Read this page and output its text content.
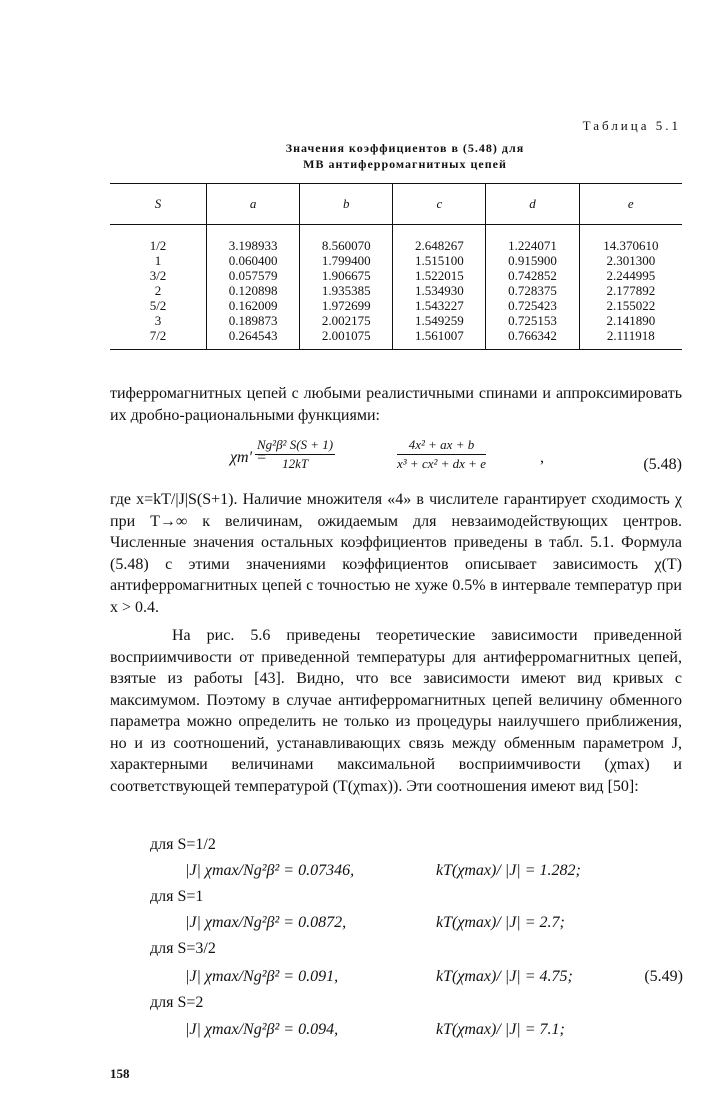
Таблица 5.1
Значения коэффициентов в (5.48) для
МВ антиферромагнитных цепей
S	a	b	c	d	e
1/2	3.198933	8.560070	2.648267	1.224071	14.370610
1	0.060400	1.799400	1.515100	0.915900	2.301300
3/2	0.057579	1.906675	1.522015	0.742852	2.244995
2	0.120898	1.935385	1.534930	0.728375	2.177892
5/2	0.162009	1.972699	1.543227	0.725423	2.155022
3	0.189873	2.002175	1.549259	0.725153	2.141890
7/2	0.264543	2.001075	1.561007	0.766342	2.111918

тиферромагнитных цепей с любыми реалистичными спинами и аппроксимировать их дробно-рациональными функциями:

χm′ =
$\frac{\text{Ng²β² S(S + 1)}}{12kT}$	$\frac{\text{4x² + ax + b}}{\text{x³ + cx² + dx + e}}$	,	(5.48)

где x=kT/|J|S(S+1). Наличие множителя «4» в числителе гарантирует сходимость χ при T→∞ к величинам, ожидаемым для невзаимодействующих центров. Численные значения остальных коэффициентов приведены в табл. 5.1. Формула (5.48) с этими значениями коэффициентов описывает зависимость χ(T) антиферромагнитных цепей с точностью не хуже 0.5% в интервале температур при x > 0.4.

На рис. 5.6 приведены теоретические зависимости приведенной восприимчивости от приведенной температуры для антиферромагнитных цепей, взятые из работы [43]. Видно, что все зависимости имеют вид кривых с максимумом. Поэтому в случае антиферромагнитных цепей величину обменного параметра можно определить не только из процедуры наилучшего приближения, но и из соотношений, устанавливающих связь между обменным параметром J, характерными величинами максимальной восприимчивости (χmax) и соответствующей температурой (T(χmax)). Эти соотношения имеют вид [50]:

для S=1/2
|J| χmax/Ng²β² = 0.07346,	kT(χmax)/ |J| = 1.282;
для S=1
|J| χmax/Ng²β² = 0.0872,	kT(χmax)/ |J| = 2.7;
для S=3/2
|J| χmax/Ng²β² = 0.091,	kT(χmax)/ |J| = 4.75;	(5.49)
для S=2
|J| χmax/Ng²β² = 0.094,	kT(χmax)/ |J| = 7.1;
158
